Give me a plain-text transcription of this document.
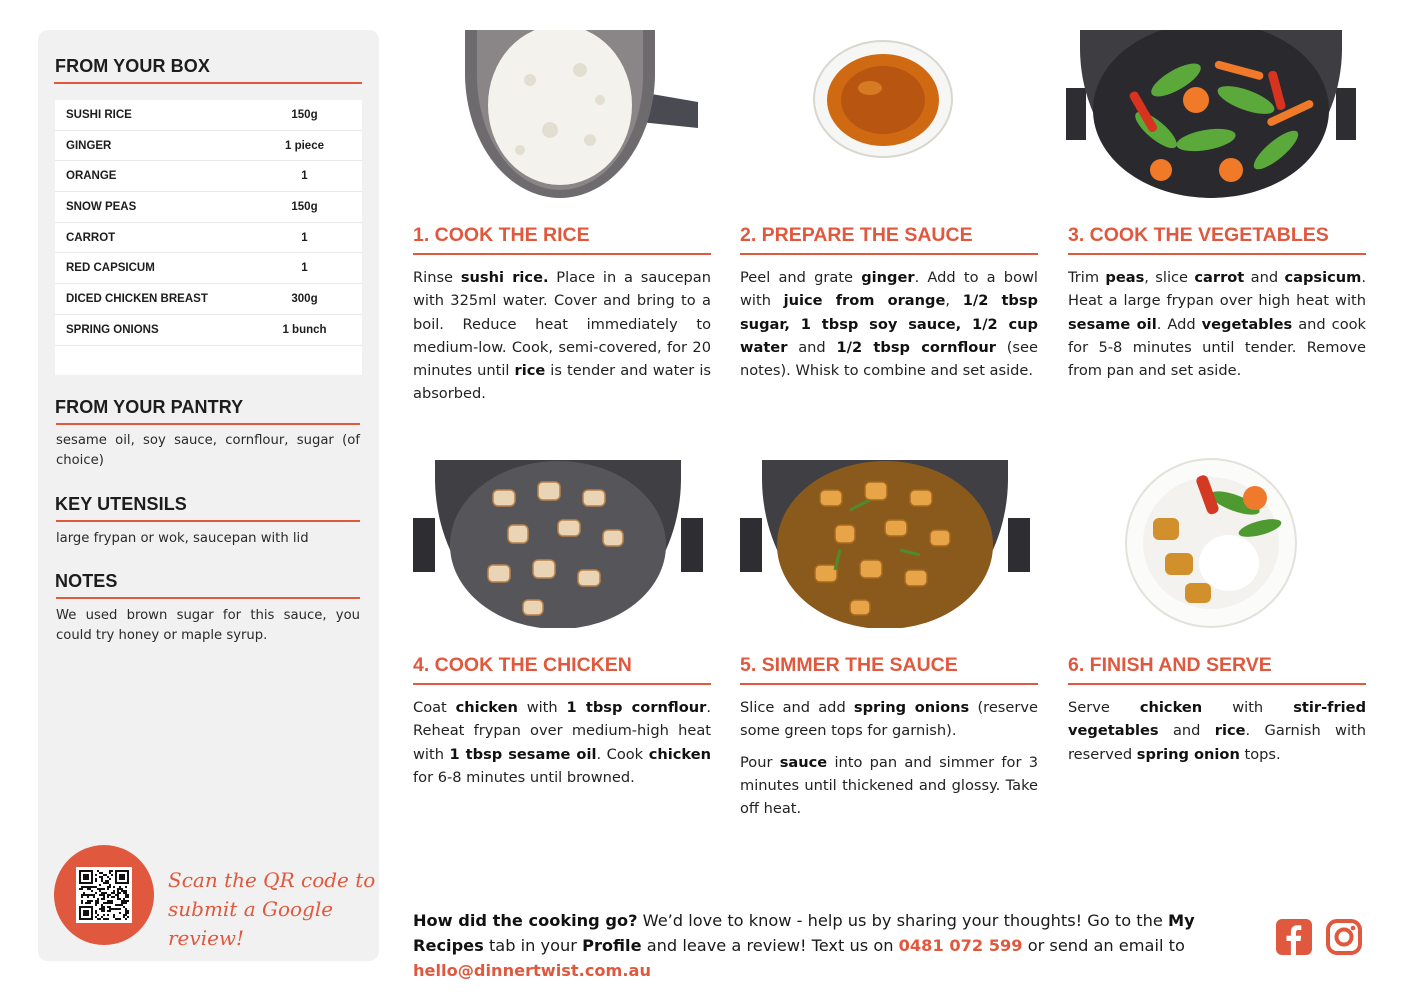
FROM YOUR BOX
SUSHI RICE	150g
GINGER	1 piece
ORANGE	1
SNOW PEAS	150g
CARROT	1
RED CAPSICUM	1
DICED CHICKEN BREAST	300g
SPRING ONIONS	1 bunch
FROM YOUR PANTRY
sesame oil, soy sauce, cornflour, sugar (of choice)
KEY UTENSILS
large frypan or wok, saucepan with lid
NOTES
We used brown sugar for this sauce, you could try honey or maple syrup.
Scan the QR code to
submit a Google review!
1. COOK THE RICE

Rinse sushi rice. Place in a saucepan with 325ml water. Cover and bring to a boil. Reduce heat immediately to medium-low. Cook, semi-covered, for 20 minutes until rice is tender and water is absorbed.

2. PREPARE THE SAUCE

Peel and grate ginger. Add to a bowl with juice from orange, 1/2 tbsp sugar, 1 tbsp soy sauce, 1/2 cup water and 1/2 tbsp cornflour (see notes). Whisk to combine and set aside.

3. COOK THE VEGETABLES

Trim peas, slice carrot and capsicum. Heat a large frypan over high heat with sesame oil. Add vegetables and cook for 5-8 minutes until tender. Remove from pan and set aside.

4. COOK THE CHICKEN

Coat chicken with 1 tbsp cornflour. Reheat frypan over medium-high heat with 1 tbsp sesame oil. Cook chicken for 6-8 minutes until browned.

5. SIMMER THE SAUCE

Slice and add spring onions (reserve some green tops for garnish).

Pour sauce into pan and simmer for 3 minutes until thickened and glossy. Take off heat.

6. FINISH AND SERVE

Serve chicken with stir-fried vegetables and rice. Garnish with reserved spring onion tops.

How did the cooking go? We’d love to know - help us by sharing your thoughts! Go to the My Recipes tab in your Profile and leave a review! Text us on 0481 072 599 or send an email to hello@dinnertwist.com.au
